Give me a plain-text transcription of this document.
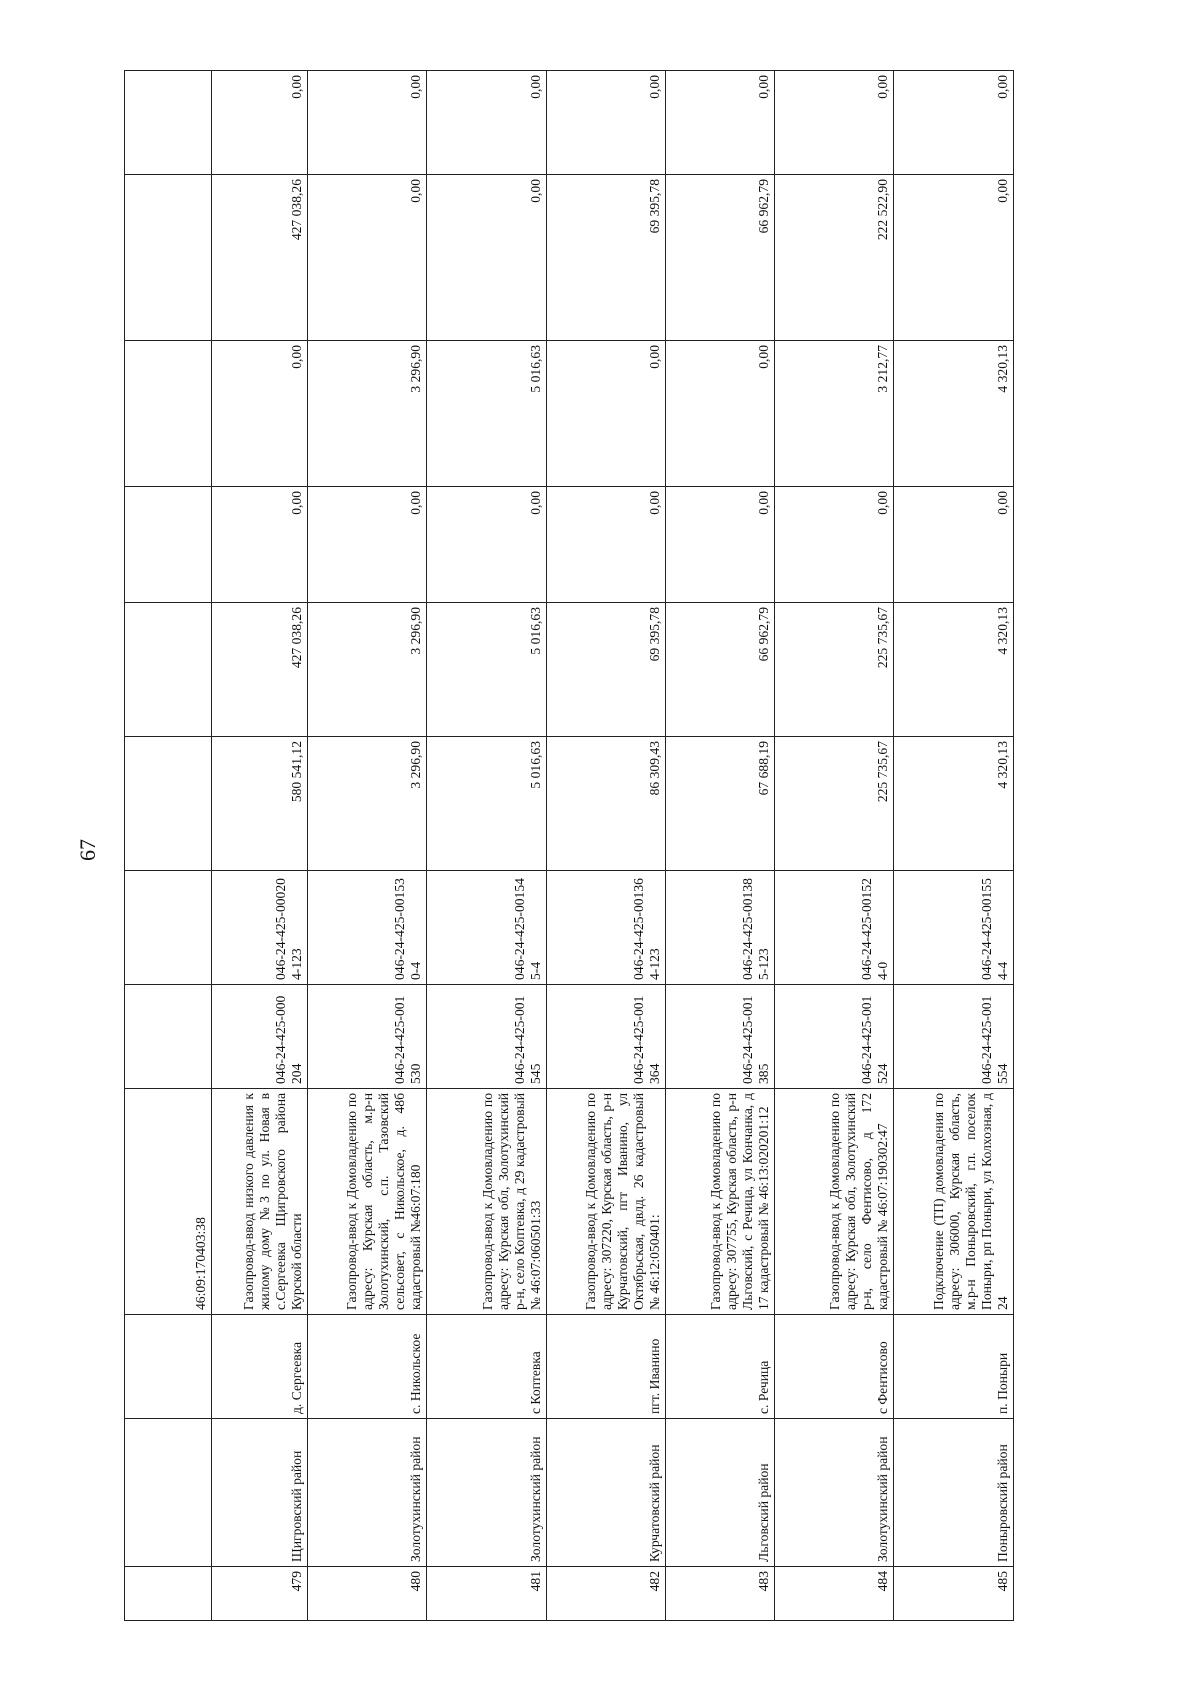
67
			46:09:170403:38								
479	Щигровский район	д. Сергеевка	Газопровод-ввод низкого давления к жилому дому №3 по ул. Новая в с.Сергеевка Щигровского района Курской области	046-24-425-000204	046-24-425-000204-123	580 541,12	427 038,26	0,00	0,00	427 038,26	0,00
480	Золотухинский район	с. Никольское	Газопровод-ввод к Домовладению по адресу: Курская область, м.р-н Золотухинский, с.п. Тазовский сельсовет, с Никольское, д. 48б кадастровый №46:07:180	046-24-425-001530	046-24-425-001530-4	3 296,90	3 296,90	0,00	3 296,90	0,00	0,00
481	Золотухинский район	с Коптевка	Газопровод-ввод к Домовладению по адресу: Курская обл, Золотухинский р-н, село Коптевка, д 29 кадастровый № 46:07:060501:33	046-24-425-001545	046-24-425-001545-4	5 016,63	5 016,63	0,00	5 016,63	0,00	0,00
482	Курчатовский район	пгт. Иванино	Газопровод-ввод к Домовладению по адресу: 307220, Курская область, р-н Курчатовский, пгт Иванино, ул Октябрьская, двлд. 26 кадастровый № 46:12:050401:	046-24-425-001364	046-24-425-001364-123	86 309,43	69 395,78	0,00	0,00	69 395,78	0,00
483	Льговский район	с. Речица	Газопровод-ввод к Домовладению по адресу: 307755, Курская область, р-н Льговский, с Речица, ул Кончанка, д 17 кадастровый № 46:13:020201:12	046-24-425-001385	046-24-425-001385-123	67 688,19	66 962,79	0,00	0,00	66 962,79	0,00
484	Золотухинский район	с Фентисово	Газопровод-ввод к Домовладению по адресу: Курская обл, Золотухинский р-н, село Фентисово, д 172 кадастровый № 46:07:190302:47	046-24-425-001524	046-24-425-001524-0	225 735,67	225 735,67	0,00	3 212,77	222 522,90	0,00
485	Поныровский район	п. Поныри	Подключение (ТП) домовладения по адресу: 306000, Курская область, м.р-н Поныровский, г.п. поселок Поныри, рп Поныри, ул Колхозная, д 24	046-24-425-001554	046-24-425-001554-4	4 320,13	4 320,13	0,00	4 320,13	0,00	0,00
